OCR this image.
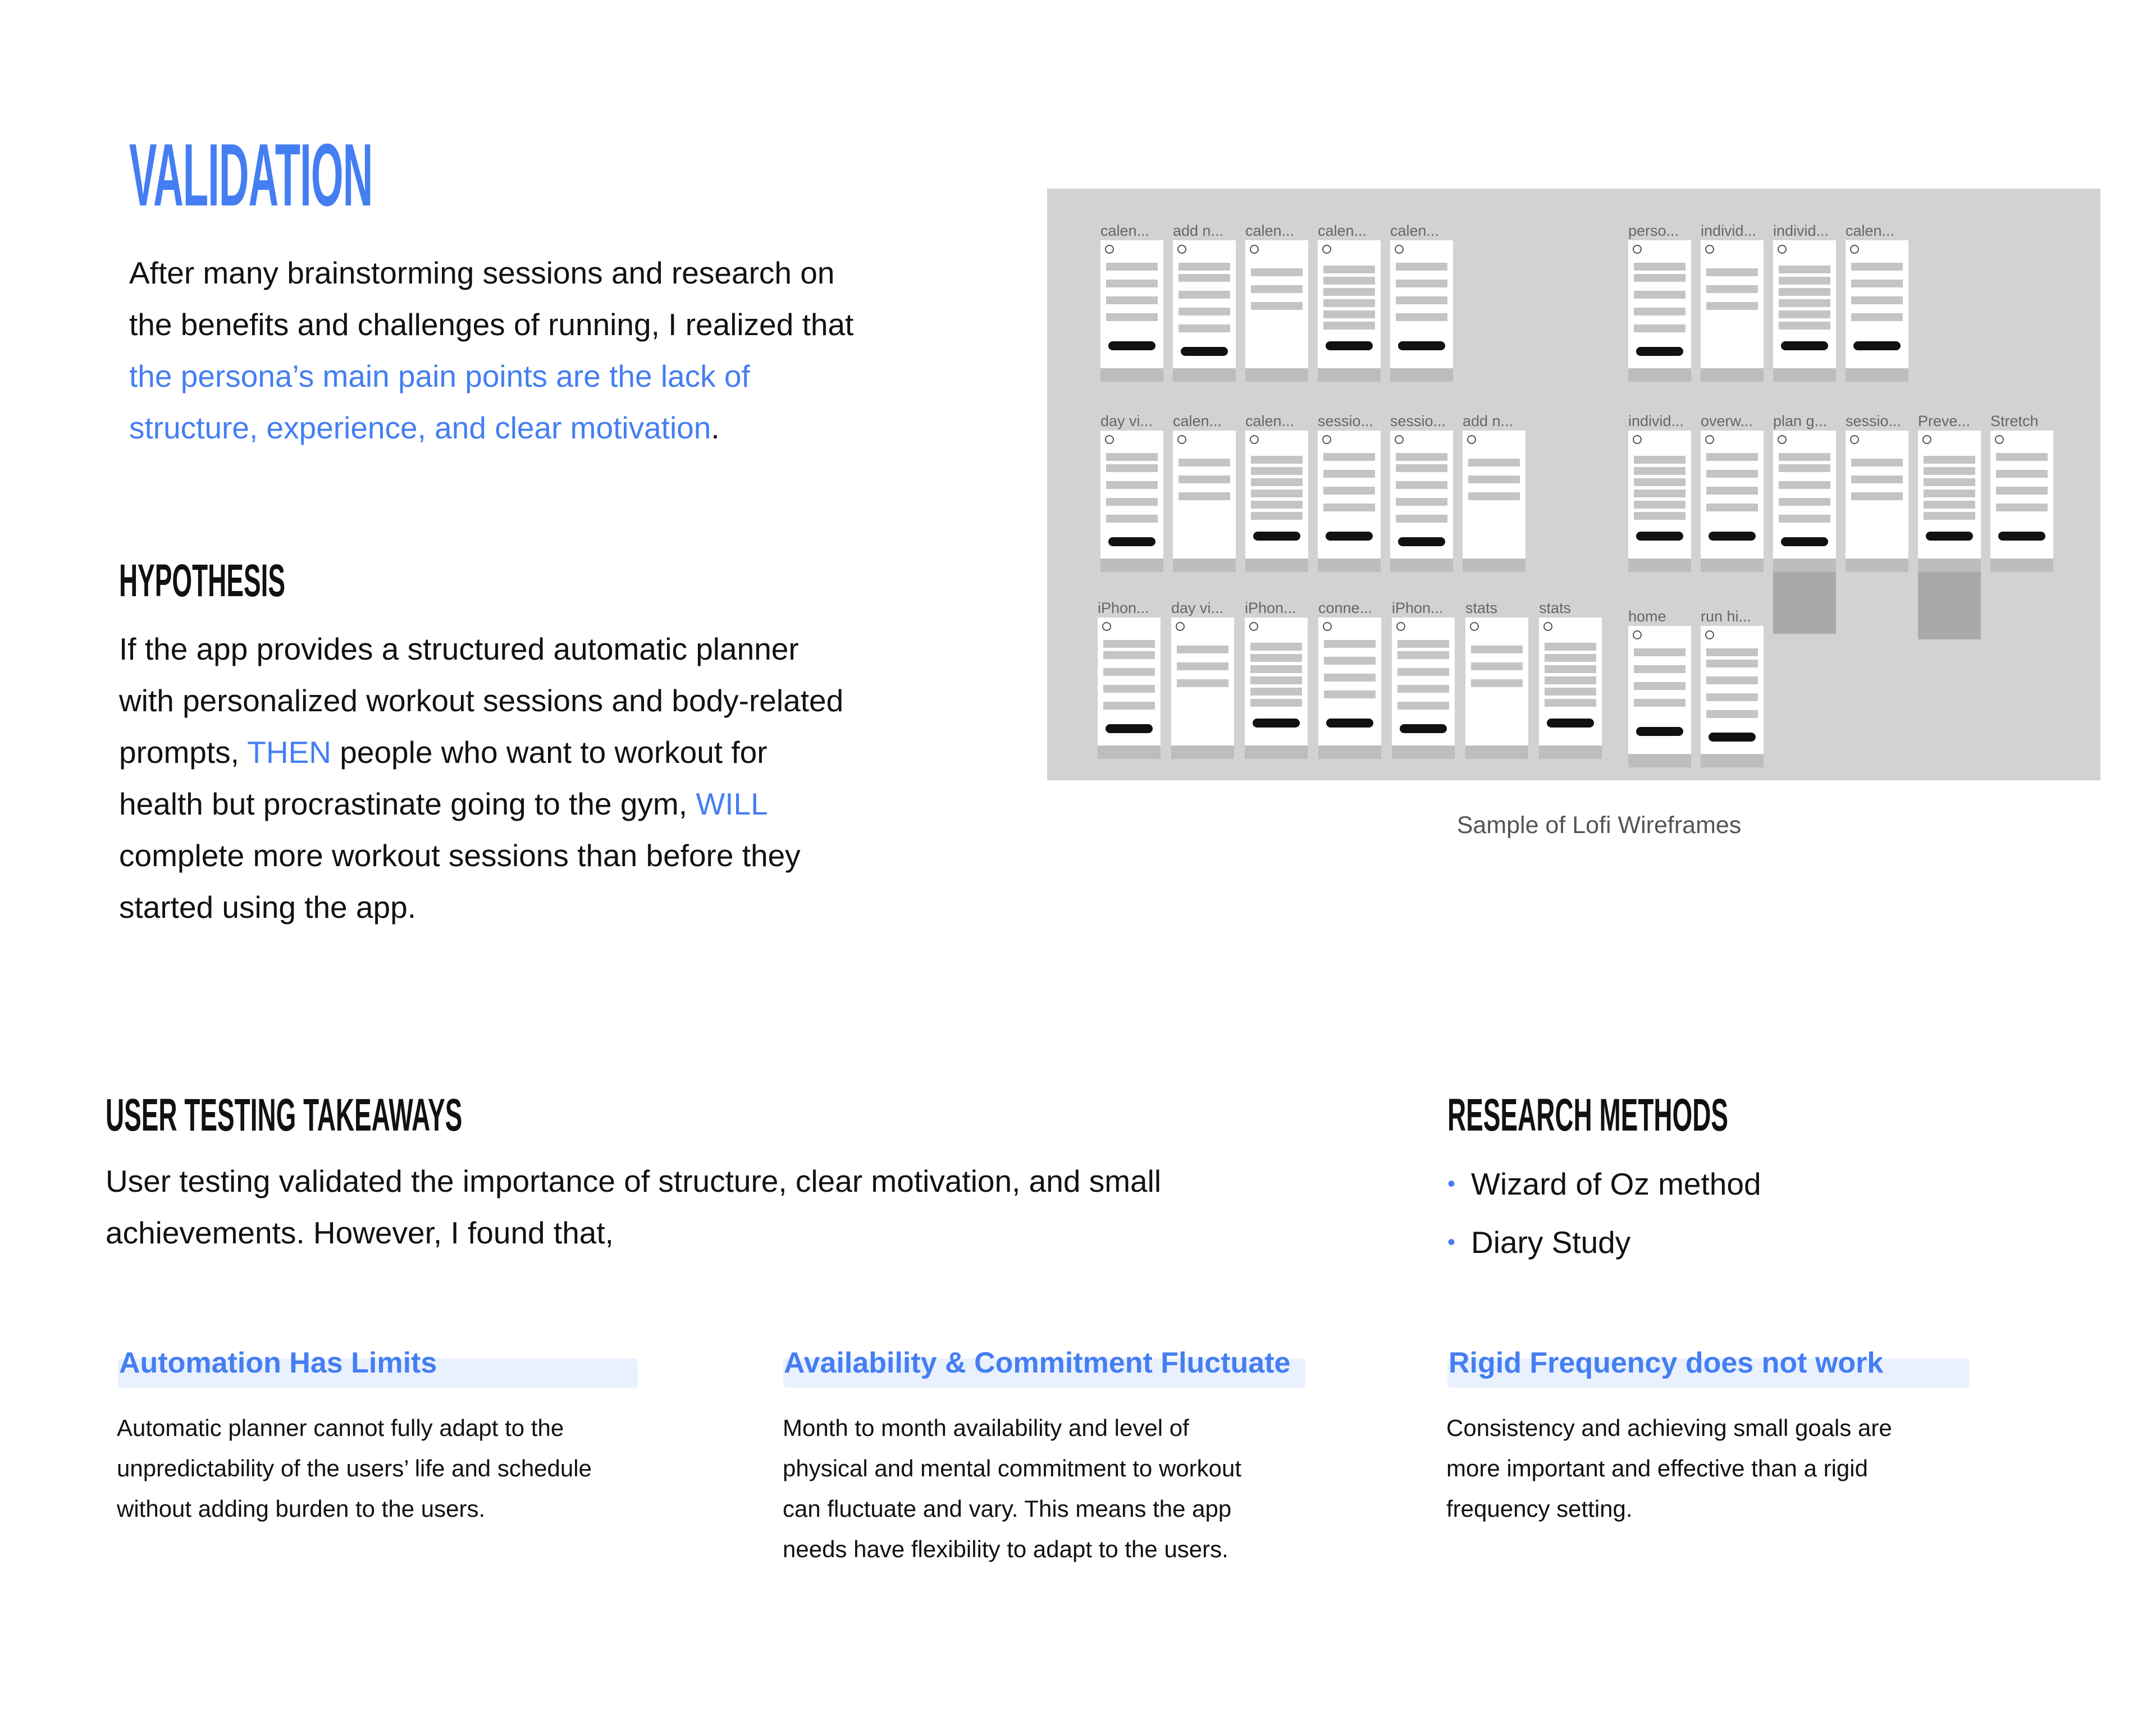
VALIDATION
After many brainstorming sessions and research on
the benefits and challenges of running, I realized that
the persona’s main pain points are the lack of
structure, experience, and clear motivation.
HYPOTHESIS
If the app provides a structured automatic planner
with personalized workout sessions and body-related
prompts, THEN people who want to workout for
health but procrastinate going to the gym, WILL
complete more workout sessions than before they
started using the app.
calen... add n... calen... calen... calen...	perso... individ... individ... calen...
day vi... calen... calen... sessio... sessio... add n...	individ... overw... plan g... sessio... Preve... Stretch
iPhon... day vi... iPhon... conne... iPhon... stats	stats	home run hi...
Sample of Lofi Wireframes
USER TESTING TAKEAWAYS
User testing validated the importance of structure, clear motivation, and small
achievements. However, I found that,
RESEARCH METHODS
• Wizard of Oz method
• Diary Study
Automation Has Limits
Automatic planner cannot fully adapt to the
unpredictability of the users’ life and schedule
without adding burden to the users.
Availability & Commitment Fluctuate
Month to month availability and level of
physical and mental commitment to workout
can fluctuate and vary. This means the app
needs have flexibility to adapt to the users.
Rigid Frequency does not work
Consistency and achieving small goals are
more important and effective than a rigid
frequency setting.
